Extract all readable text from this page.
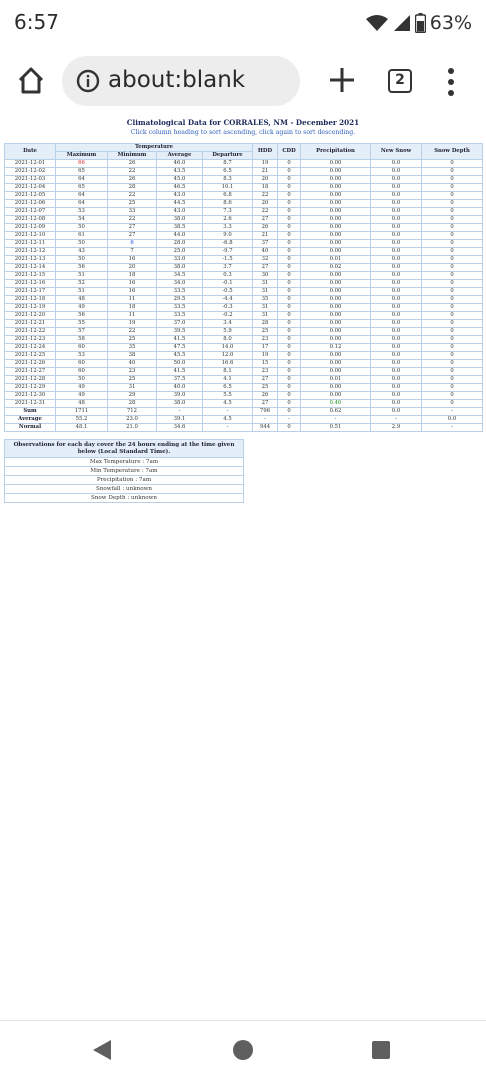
6:57	63%
about:blank	2
Climatological Data for CORRALES, NM - December 2021
Click column heading to sort ascending, click again to sort descending.
Date	Temperature				HDD	CDD	Precipitation	New Snow	Snow Depth
	Maximum	Minimum	Average	Departure					
2021-12-01	66	26	46.0	8.7	19	0	0.00	0.0	0
2021-12-02	65	22	43.5	6.5	21	0	0.00	0.0	0
2021-12-03	64	26	45.0	8.3	20	0	0.00	0.0	0
2021-12-04	65	28	46.5	10.1	18	0	0.00	0.0	0
2021-12-05	64	22	43.0	6.8	22	0	0.00	0.0	0
2021-12-06	64	25	44.5	8.6	20	0	0.00	0.0	0
2021-12-07	53	33	43.0	7.3	22	0	0.00	0.0	0
2021-12-08	54	22	38.0	2.6	27	0	0.00	0.0	0
2021-12-09	50	27	38.5	3.3	26	0	0.00	0.0	0
2021-12-10	61	27	44.0	9.0	21	0	0.00	0.0	0
2021-12-11	50	6	28.0	-6.8	37	0	0.00	0.0	0
2021-12-12	43	7	25.0	-9.7	40	0	0.00	0.0	0
2021-12-13	50	16	33.0	-1.5	32	0	0.01	0.0	0
2021-12-14	56	20	38.0	3.7	27	0	0.02	0.0	0
2021-12-15	51	18	34.5	0.3	30	0	0.00	0.0	0
2021-12-16	52	16	34.0	-0.1	31	0	0.00	0.0	0
2021-12-17	51	16	33.5	-0.5	31	0	0.00	0.0	0
2021-12-18	48	11	29.5	-4.4	35	0	0.00	0.0	0
2021-12-19	49	18	33.5	-0.3	31	0	0.00	0.0	0
2021-12-20	56	11	33.5	-0.2	31	0	0.00	0.0	0
2021-12-21	55	19	37.0	3.4	28	0	0.00	0.0	0
2021-12-22	57	22	39.5	5.9	25	0	0.00	0.0	0
2021-12-23	58	25	41.5	8.0	23	0	0.00	0.0	0
2021-12-24	60	35	47.5	14.0	17	0	0.12	0.0	0
2021-12-25	53	38	45.5	12.0	19	0	0.00	0.0	0
2021-12-26	60	40	50.0	16.6	15	0	0.00	0.0	0
2021-12-27	60	23	41.5	8.1	23	0	0.00	0.0	0
2021-12-28	50	25	37.5	4.1	27	0	0.01	0.0	0
2021-12-29	49	31	40.0	6.5	25	0	0.00	0.0	0
2021-12-30	49	29	39.0	5.5	26	0	0.00	0.0	0
2021-12-31	48	28	38.0	4.5	27	0	0.46	0.0	0
Sum	1711	712	-	-	796	0	0.62	0.0	-
Average	55.2	23.0	39.1	4.5	-	-	-	-	0.0
Normal	48.1	21.0	34.6	-	944	0	0.51	2.9	-
Observations for each day cover the 24 hours ending at the time given below (Local Standard Time).
Max Temperature : 7am
Min Temperature : 7am
Precipitation : 7am
Snowfall : unknown
Snow Depth : unknown
